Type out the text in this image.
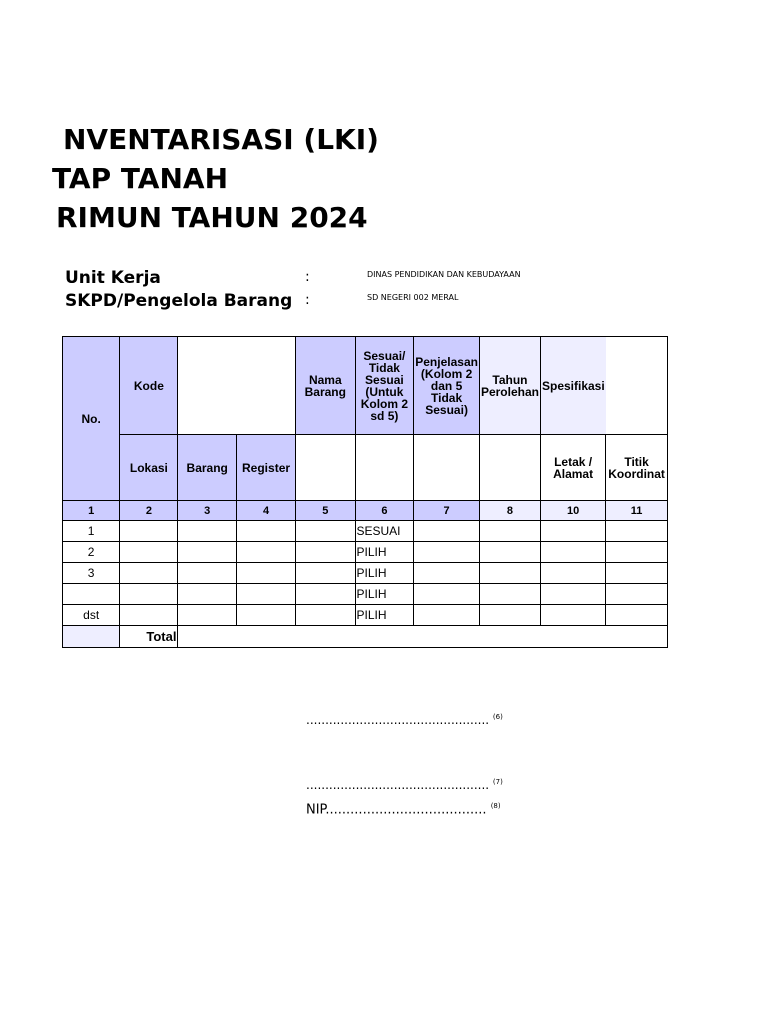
NVENTARISASI (LKI)
TAP TANAH
RIMUN TAHUN 2024
Unit Kerja	:	DINAS PENDIDIKAN DAN KEBUDAYAAN
SKPD/Pengelola Barang :	SD NEGERI 002 MERAL
No.	Kode			Nama Barang	Sesuai/ Tidak Sesuai (Untuk Kolom 2 sd 5)	Penjelasan (Kolom 2 dan 5 Tidak Sesuai)	Tahun Perolehan	Spesifikasi	
	Lokasi	Barang	Register					Letak / Alamat	Titik Koordinat
1	2	3	4	5	6	7	8	10	11
1					SESUAI				
2					PILIH				
3					PILIH				
					PILIH				
dst					PILIH				
	Total								
................................................ $^{(6)}$
................................................ $^{(7)}$
NIP....................................... $^{(8)}$
